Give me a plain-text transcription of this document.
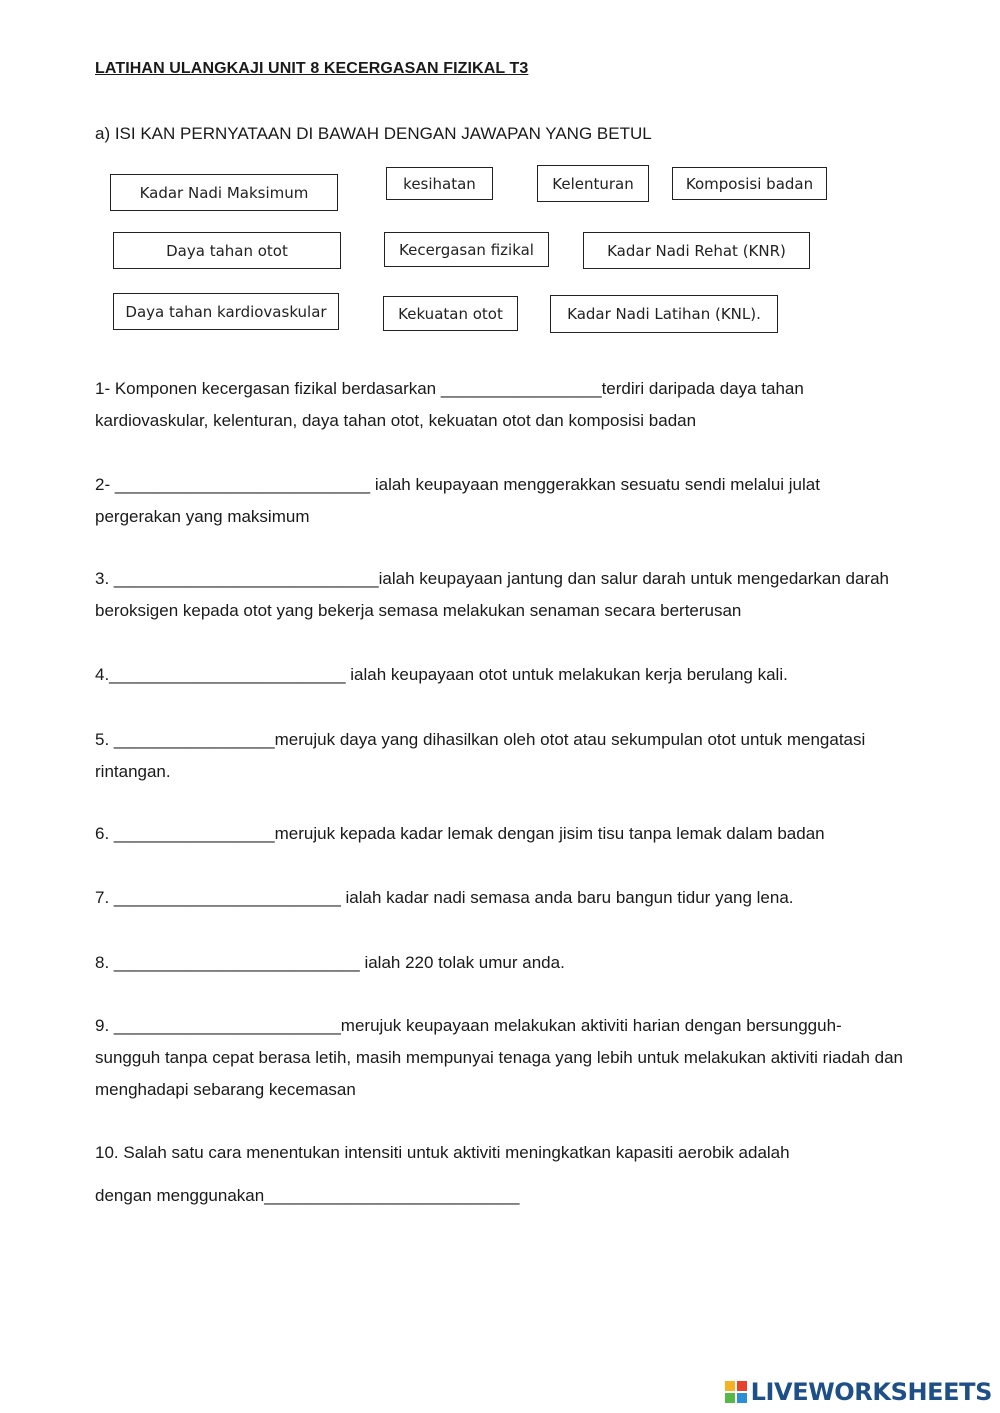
LATIHAN ULANGKAJI UNIT 8 KECERGASAN FIZIKAL T3
a) ISI KAN PERNYATAAN DI BAWAH DENGAN JAWAPAN YANG BETUL
Kadar Nadi Maksimum	kesihatan	Kelenturan	Komposisi badan
Daya tahan otot	Kecergasan fizikal	Kadar Nadi Rehat (KNR)
Daya tahan kardiovaskular	Kekuatan otot	Kadar Nadi Latihan (KNL).

1- Komponen kecergasan fizikal berdasarkan _________________terdiri daripada daya tahan kardiovaskular, kelenturan, daya tahan otot, kekuatan otot dan komposisi badan

2- ___________________________ ialah keupayaan menggerakkan sesuatu sendi melalui julat pergerakan yang maksimum

3. ____________________________ialah keupayaan jantung dan salur darah untuk mengedarkan darah beroksigen kepada otot yang bekerja semasa melakukan senaman secara berterusan

4._________________________ ialah keupayaan otot untuk melakukan kerja berulang kali.

5. _________________merujuk daya yang dihasilkan oleh otot atau sekumpulan otot untuk mengatasi rintangan.

6. _________________merujuk kepada kadar lemak dengan jisim tisu tanpa lemak dalam badan

7. ________________________ ialah kadar nadi semasa anda baru bangun tidur yang lena.

8. __________________________ ialah 220 tolak umur anda.

9. ________________________merujuk keupayaan melakukan aktiviti harian dengan bersungguh-sungguh tanpa cepat berasa letih, masih mempunyai tenaga yang lebih untuk melakukan aktiviti riadah dan menghadapi sebarang kecemasan

10. Salah satu cara menentukan intensiti untuk aktiviti meningkatkan kapasiti aerobik adalah

dengan menggunakan___________________________

LIVEWORKSHEETS
